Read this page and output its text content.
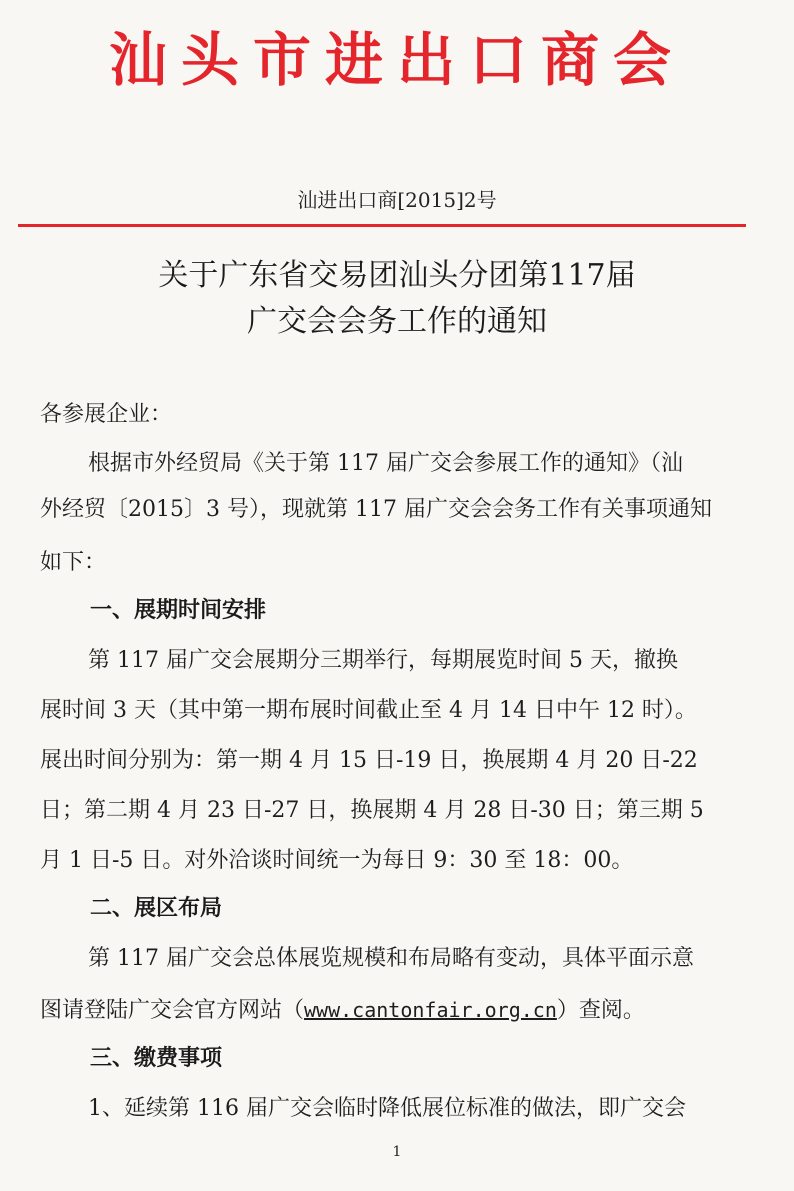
汕头市进出口商会
汕进出口商[2015]2号
关于广东省交易团汕头分团第117届
广交会会务工作的通知
各参展企业：
根据市外经贸局《关于第 117 届广交会参展工作的通知》（汕
外经贸〔2015〕3 号），现就第 117 届广交会会务工作有关事项通知
如下：
一、展期时间安排
第 117 届广交会展期分三期举行，每期展览时间 5 天，撤换
展时间 3 天（其中第一期布展时间截止至 4 月 14 日中午 12 时）。
展出时间分别为：第一期 4 月 15 日-19 日，换展期 4 月 20 日-22
日；第二期 4 月 23 日-27 日，换展期 4 月 28 日-30 日；第三期 5
月 1 日-5 日。对外洽谈时间统一为每日 9：30 至 18：00。
二、展区布局
第 117 届广交会总体展览规模和布局略有变动，具体平面示意
图请登陆广交会官方网站（www.cantonfair.org.cn）查阅。
三、缴费事项
1、延续第 116 届广交会临时降低展位标准的做法，即广交会
1
